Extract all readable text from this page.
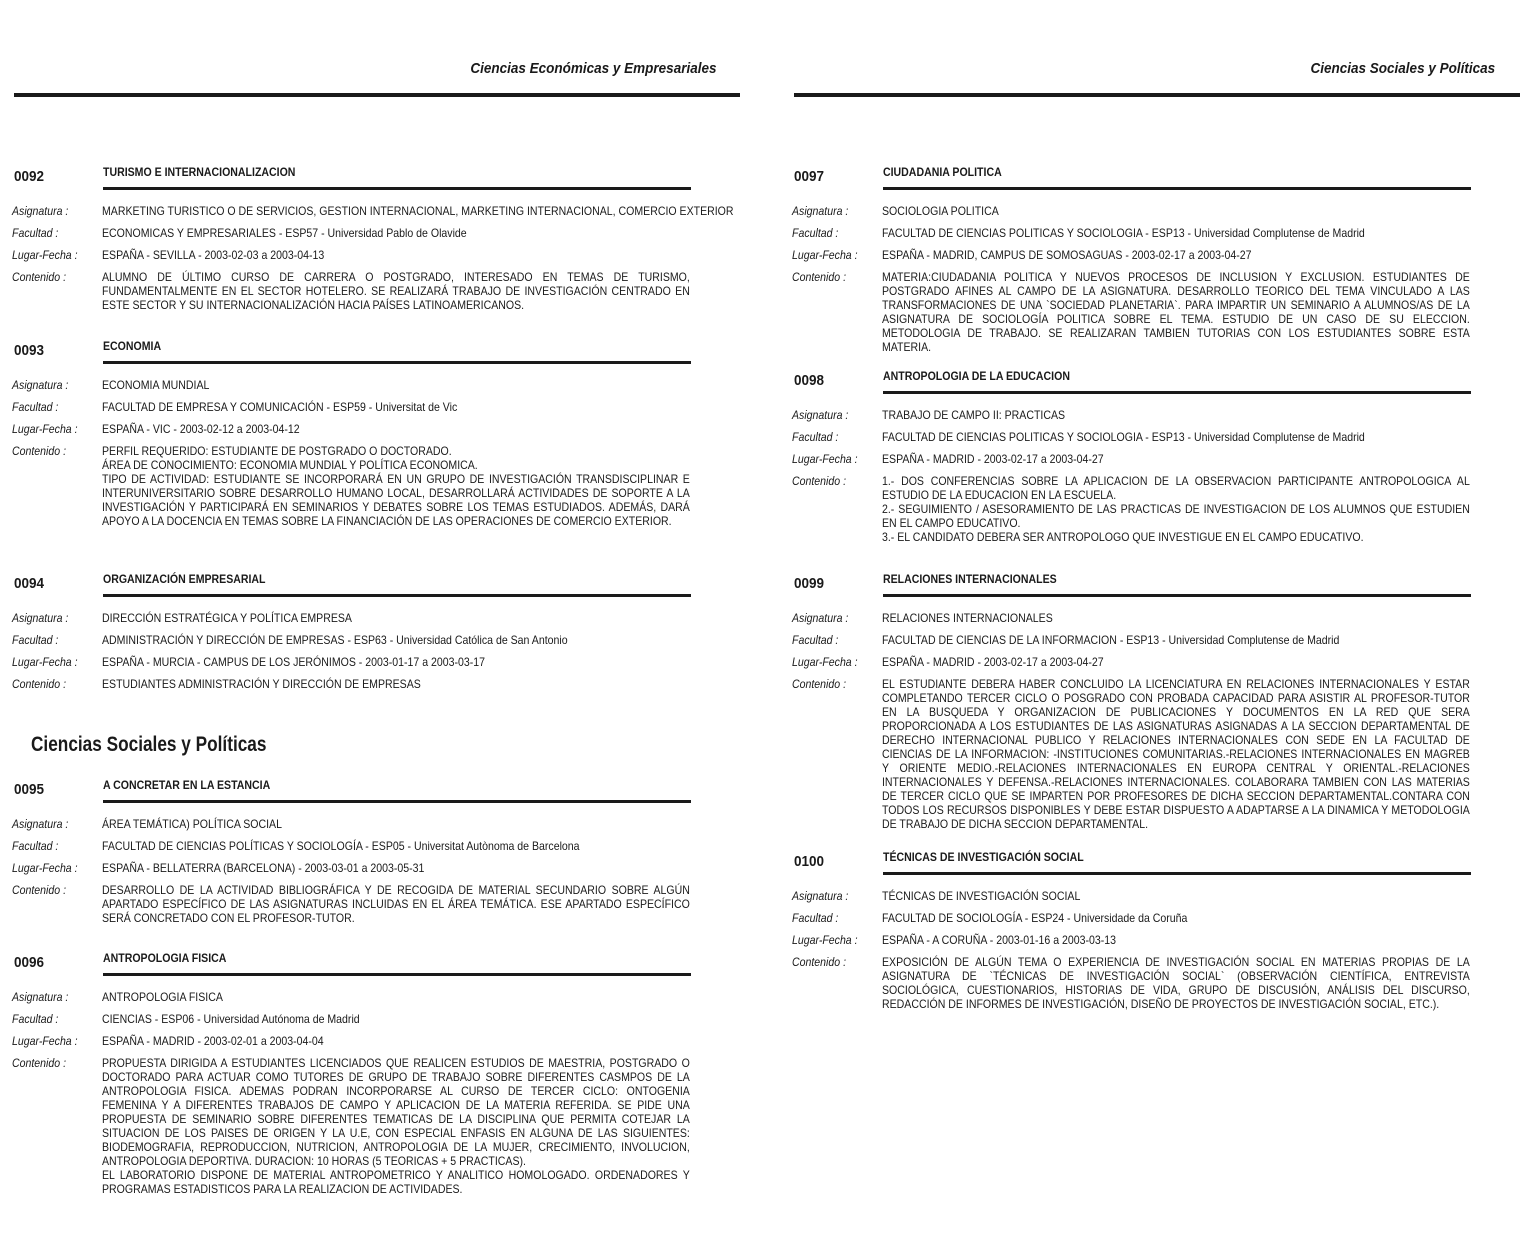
Ciencias Económicas y Empresariales
0092	TURISMO E INTERNACIONALIZACION
Asignatura :	MARKETING TURISTICO O DE SERVICIOS, GESTION INTERNACIONAL, MARKETING INTERNACIONAL, COMERCIO EXTERIOR
Facultad :	ECONOMICAS Y EMPRESARIALES - ESP57 - Universidad Pablo de Olavide
Lugar-Fecha : ESPAÑA - SEVILLA - 2003-02-03 a 2003-04-13
Contenido :	ALUMNO DE ÚLTIMO CURSO DE CARRERA O POSTGRADO, INTERESADO EN TEMAS DE TURISMO, FUNDAMENTALMENTE EN EL SECTOR HOTELERO. SE REALIZARÁ TRABAJO DE INVESTIGACIÓN CENTRADO EN ESTE SECTOR Y SU INTERNACIONALIZACIÓN HACIA PAÍSES LATINOAMERICANOS.
0093	ECONOMIA
Asignatura :	ECONOMIA MUNDIAL
Facultad :	FACULTAD DE EMPRESA Y COMUNICACIÓN - ESP59 - Universitat de Vic
Lugar-Fecha : ESPAÑA - VIC - 2003-02-12 a 2003-04-12
Contenido :	PERFIL REQUERIDO: ESTUDIANTE DE POSTGRADO O DOCTORADO.
ÁREA DE CONOCIMIENTO: ECONOMIA MUNDIAL Y POLÍTICA ECONOMICA.
TIPO DE ACTIVIDAD: ESTUDIANTE SE INCORPORARÁ EN UN GRUPO DE INVESTIGACIÓN TRANSDISCIPLINAR E INTERUNIVERSITARIO SOBRE DESARROLLO HUMANO LOCAL, DESARROLLARÁ ACTIVIDADES DE SOPORTE A LA INVESTIGACIÓN Y PARTICIPARÁ EN SEMINARIOS Y DEBATES SOBRE LOS TEMAS ESTUDIADOS. ADEMÁS, DARÁ APOYO A LA DOCENCIA EN TEMAS SOBRE LA FINANCIACIÓN DE LAS OPERACIONES DE COMERCIO EXTERIOR.
0094	ORGANIZACIÓN EMPRESARIAL
Asignatura :	DIRECCIÓN ESTRATÉGICA Y POLÍTICA EMPRESA
Facultad :	ADMINISTRACIÓN Y DIRECCIÓN DE EMPRESAS - ESP63 - Universidad Católica de San Antonio
Lugar-Fecha : ESPAÑA - MURCIA - CAMPUS DE LOS JERÓNIMOS - 2003-01-17 a 2003-03-17
Contenido :	ESTUDIANTES ADMINISTRACIÓN Y DIRECCIÓN DE EMPRESAS
Ciencias Sociales y Políticas
0095	A CONCRETAR EN LA ESTANCIA
Asignatura :	ÁREA TEMÁTICA) POLÍTICA SOCIAL
Facultad :	FACULTAD DE CIENCIAS POLÍTICAS Y SOCIOLOGÍA - ESP05 - Universitat Autònoma de Barcelona
Lugar-Fecha : ESPAÑA - BELLATERRA (BARCELONA) - 2003-03-01 a 2003-05-31
Contenido :	DESARROLLO DE LA ACTIVIDAD BIBLIOGRÁFICA Y DE RECOGIDA DE MATERIAL SECUNDARIO SOBRE ALGÚN APARTADO ESPECÍFICO DE LAS ASIGNATURAS INCLUIDAS EN EL ÁREA TEMÁTICA. ESE APARTADO ESPECÍFICO SERÁ CONCRETADO CON EL PROFESOR-TUTOR.
0096	ANTROPOLOGIA FISICA
Asignatura :	ANTROPOLOGIA FISICA
Facultad :	CIENCIAS - ESP06 - Universidad Autónoma de Madrid
Lugar-Fecha : ESPAÑA - MADRID - 2003-02-01 a 2003-04-04
Contenido :	PROPUESTA DIRIGIDA A ESTUDIANTES LICENCIADOS QUE REALICEN ESTUDIOS DE MAESTRIA, POSTGRADO O DOCTORADO PARA ACTUAR COMO TUTORES DE GRUPO DE TRABAJO SOBRE DIFERENTES CASMPOS DE LA ANTROPOLOGIA FISICA. ADEMAS PODRAN INCORPORARSE AL CURSO DE TERCER CICLO: ONTOGENIA FEMENINA Y A DIFERENTES TRABAJOS DE CAMPO Y APLICACION DE LA MATERIA REFERIDA. SE PIDE UNA PROPUESTA DE SEMINARIO SOBRE DIFERENTES TEMATICAS DE LA DISCIPLINA QUE PERMITA COTEJAR LA SITUACION DE LOS PAISES DE ORIGEN Y LA U.E, CON ESPECIAL ENFASIS EN ALGUNA DE LAS SIGUIENTES: BIODEMOGRAFIA, REPRODUCCION, NUTRICION, ANTROPOLOGIA DE LA MUJER, CRECIMIENTO, INVOLUCION, ANTROPOLOGIA DEPORTIVA. DURACION: 10 HORAS (5 TEORICAS + 5 PRACTICAS).
EL LABORATORIO DISPONE DE MATERIAL ANTROPOMETRICO Y ANALITICO HOMOLOGADO. ORDENADORES Y PROGRAMAS ESTADISTICOS PARA LA REALIZACION DE ACTIVIDADES.
Ciencias Sociales y Políticas
0097	CIUDADANIA POLITICA
Asignatura :	SOCIOLOGIA POLITICA
Facultad :	FACULTAD DE CIENCIAS POLITICAS Y SOCIOLOGIA - ESP13 - Universidad Complutense de Madrid
Lugar-Fecha : ESPAÑA - MADRID, CAMPUS DE SOMOSAGUAS - 2003-02-17 a 2003-04-27
Contenido :	MATERIA:CIUDADANIA POLITICA Y NUEVOS PROCESOS DE INCLUSION Y EXCLUSION. ESTUDIANTES DE POSTGRADO AFINES AL CAMPO DE LA ASIGNATURA. DESARROLLO TEORICO DEL TEMA VINCULADO A LAS TRANSFORMACIONES DE UNA `SOCIEDAD PLANETARIA`. PARA IMPARTIR UN SEMINARIO A ALUMNOS/AS DE LA ASIGNATURA DE SOCIOLOGÍA POLITICA SOBRE EL TEMA. ESTUDIO DE UN CASO DE SU ELECCION. METODOLOGIA DE TRABAJO. SE REALIZARAN TAMBIEN TUTORIAS CON LOS ESTUDIANTES SOBRE ESTA MATERIA.
0098	ANTROPOLOGIA DE LA EDUCACION
Asignatura :	TRABAJO DE CAMPO II: PRACTICAS
Facultad :	FACULTAD DE CIENCIAS POLITICAS Y SOCIOLOGIA - ESP13 - Universidad Complutense de Madrid
Lugar-Fecha : ESPAÑA - MADRID - 2003-02-17 a 2003-04-27
Contenido :	1.- DOS CONFERENCIAS SOBRE LA APLICACION DE LA OBSERVACION PARTICIPANTE ANTROPOLOGICA AL ESTUDIO DE LA EDUCACION EN LA ESCUELA.
2.- SEGUIMIENTO / ASESORAMIENTO DE LAS PRACTICAS DE INVESTIGACION DE LOS ALUMNOS QUE ESTUDIEN EN EL CAMPO EDUCATIVO.
3.- EL CANDIDATO DEBERA SER ANTROPOLOGO QUE INVESTIGUE EN EL CAMPO EDUCATIVO.
0099	RELACIONES INTERNACIONALES
Asignatura :	RELACIONES INTERNACIONALES
Facultad :	FACULTAD DE CIENCIAS DE LA INFORMACION - ESP13 - Universidad Complutense de Madrid
Lugar-Fecha : ESPAÑA - MADRID - 2003-02-17 a 2003-04-27
Contenido :	EL ESTUDIANTE DEBERA HABER CONCLUIDO LA LICENCIATURA EN RELACIONES INTERNACIONALES Y ESTAR COMPLETANDO TERCER CICLO O POSGRADO CON PROBADA CAPACIDAD PARA ASISTIR AL PROFESOR-TUTOR EN LA BUSQUEDA Y ORGANIZACION DE PUBLICACIONES Y DOCUMENTOS EN LA RED QUE SERA PROPORCIONADA A LOS ESTUDIANTES DE LAS ASIGNATURAS ASIGNADAS A LA SECCION DEPARTAMENTAL DE DERECHO INTERNACIONAL PUBLICO Y RELACIONES INTERNACIONALES CON SEDE EN LA FACULTAD DE CIENCIAS DE LA INFORMACION: -INSTITUCIONES COMUNITARIAS.-RELACIONES INTERNACIONALES EN MAGREB Y ORIENTE MEDIO.-RELACIONES INTERNACIONALES EN EUROPA CENTRAL Y ORIENTAL.-RELACIONES INTERNACIONALES Y DEFENSA.-RELACIONES INTERNACIONALES. COLABORARA TAMBIEN CON LAS MATERIAS DE TERCER CICLO QUE SE IMPARTEN POR PROFESORES DE DICHA SECCION DEPARTAMENTAL.CONTARA CON TODOS LOS RECURSOS DISPONIBLES Y DEBE ESTAR DISPUESTO A ADAPTARSE A LA DINAMICA Y METODOLOGIA DE TRABAJO DE DICHA SECCION DEPARTAMENTAL.
0100	TÉCNICAS DE INVESTIGACIÓN SOCIAL
Asignatura :	TÉCNICAS DE INVESTIGACIÓN SOCIAL
Facultad :	FACULTAD DE SOCIOLOGÍA - ESP24 - Universidade da Coruña
Lugar-Fecha : ESPAÑA - A CORUÑA - 2003-01-16 a 2003-03-13
Contenido :	EXPOSICIÓN DE ALGÚN TEMA O EXPERIENCIA DE INVESTIGACIÓN SOCIAL EN MATERIAS PROPIAS DE LA ASIGNATURA DE `TÉCNICAS DE INVESTIGACIÓN SOCIAL` (OBSERVACIÓN CIENTÍFICA, ENTREVISTA SOCIOLÓGICA, CUESTIONARIOS, HISTORIAS DE VIDA, GRUPO DE DISCUSIÓN, ANÁLISIS DEL DISCURSO, REDACCIÓN DE INFORMES DE INVESTIGACIÓN, DISEÑO DE PROYECTOS DE INVESTIGACIÓN SOCIAL, ETC.).
